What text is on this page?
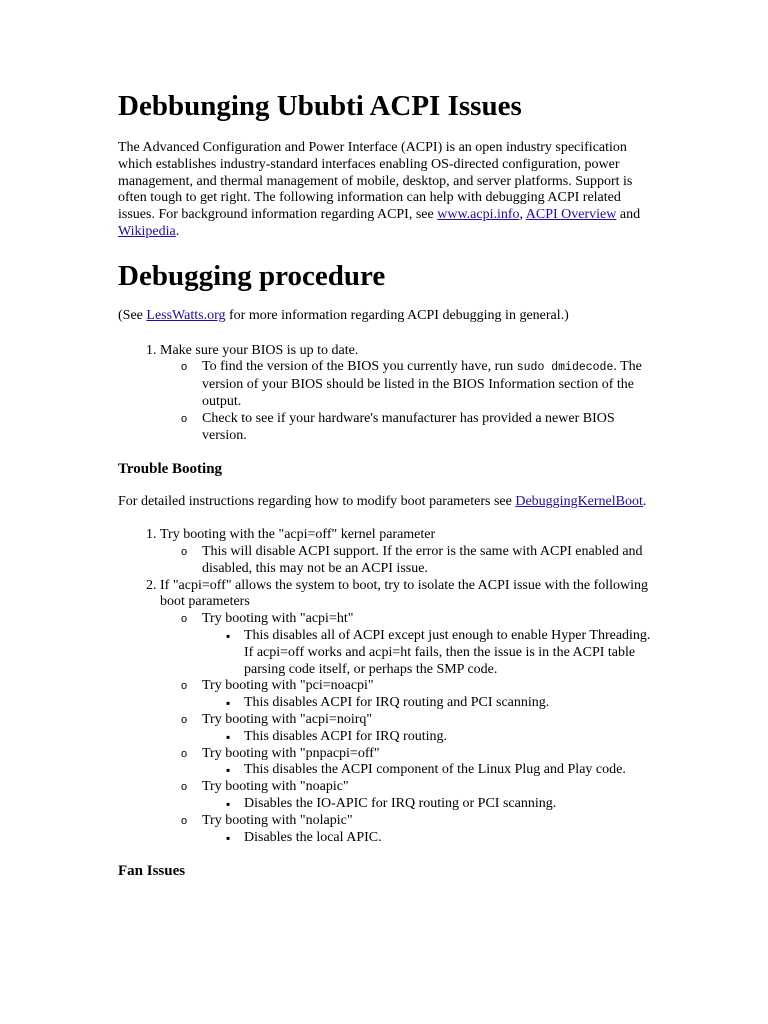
Debbunging Ububti ACPI Issues

The Advanced Configuration and Power Interface (ACPI) is an open industry specification which establishes industry-standard interfaces enabling OS-directed configuration, power management, and thermal management of mobile, desktop, and server platforms. Support is often tough to get right. The following information can help with debugging ACPI related issues. For background information regarding ACPI, see www.acpi.info, ACPI Overview and Wikipedia.

Debugging procedure

(See LessWatts.org for more information regarding ACPI debugging in general.)

1. Make sure your BIOS is up to date.
o To find the version of the BIOS you currently have, run sudo dmidecode. The version of your BIOS should be listed in the BIOS Information section of the output.
o Check to see if your hardware's manufacturer has provided a newer BIOS version.
Trouble Booting

For detailed instructions regarding how to modify boot parameters see DebuggingKernelBoot.

1. Try booting with the "acpi=off" kernel parameter
o This will disable ACPI support. If the error is the same with ACPI enabled and disabled, this may not be an ACPI issue.
2. If "acpi=off" allows the system to boot, try to isolate the ACPI issue with the following boot parameters
o Try booting with "acpi=ht"
▪ This disables all of ACPI except just enough to enable Hyper Threading. If acpi=off works and acpi=ht fails, then the issue is in the ACPI table parsing code itself, or perhaps the SMP code.
o Try booting with "pci=noacpi"
▪ This disables ACPI for IRQ routing and PCI scanning.
o Try booting with "acpi=noirq"
▪ This disables ACPI for IRQ routing.
o Try booting with "pnpacpi=off"
▪ This disables the ACPI component of the Linux Plug and Play code.
o Try booting with "noapic"
▪ Disables the IO-APIC for IRQ routing or PCI scanning.
o Try booting with "nolapic"
▪ Disables the local APIC.
Fan Issues
